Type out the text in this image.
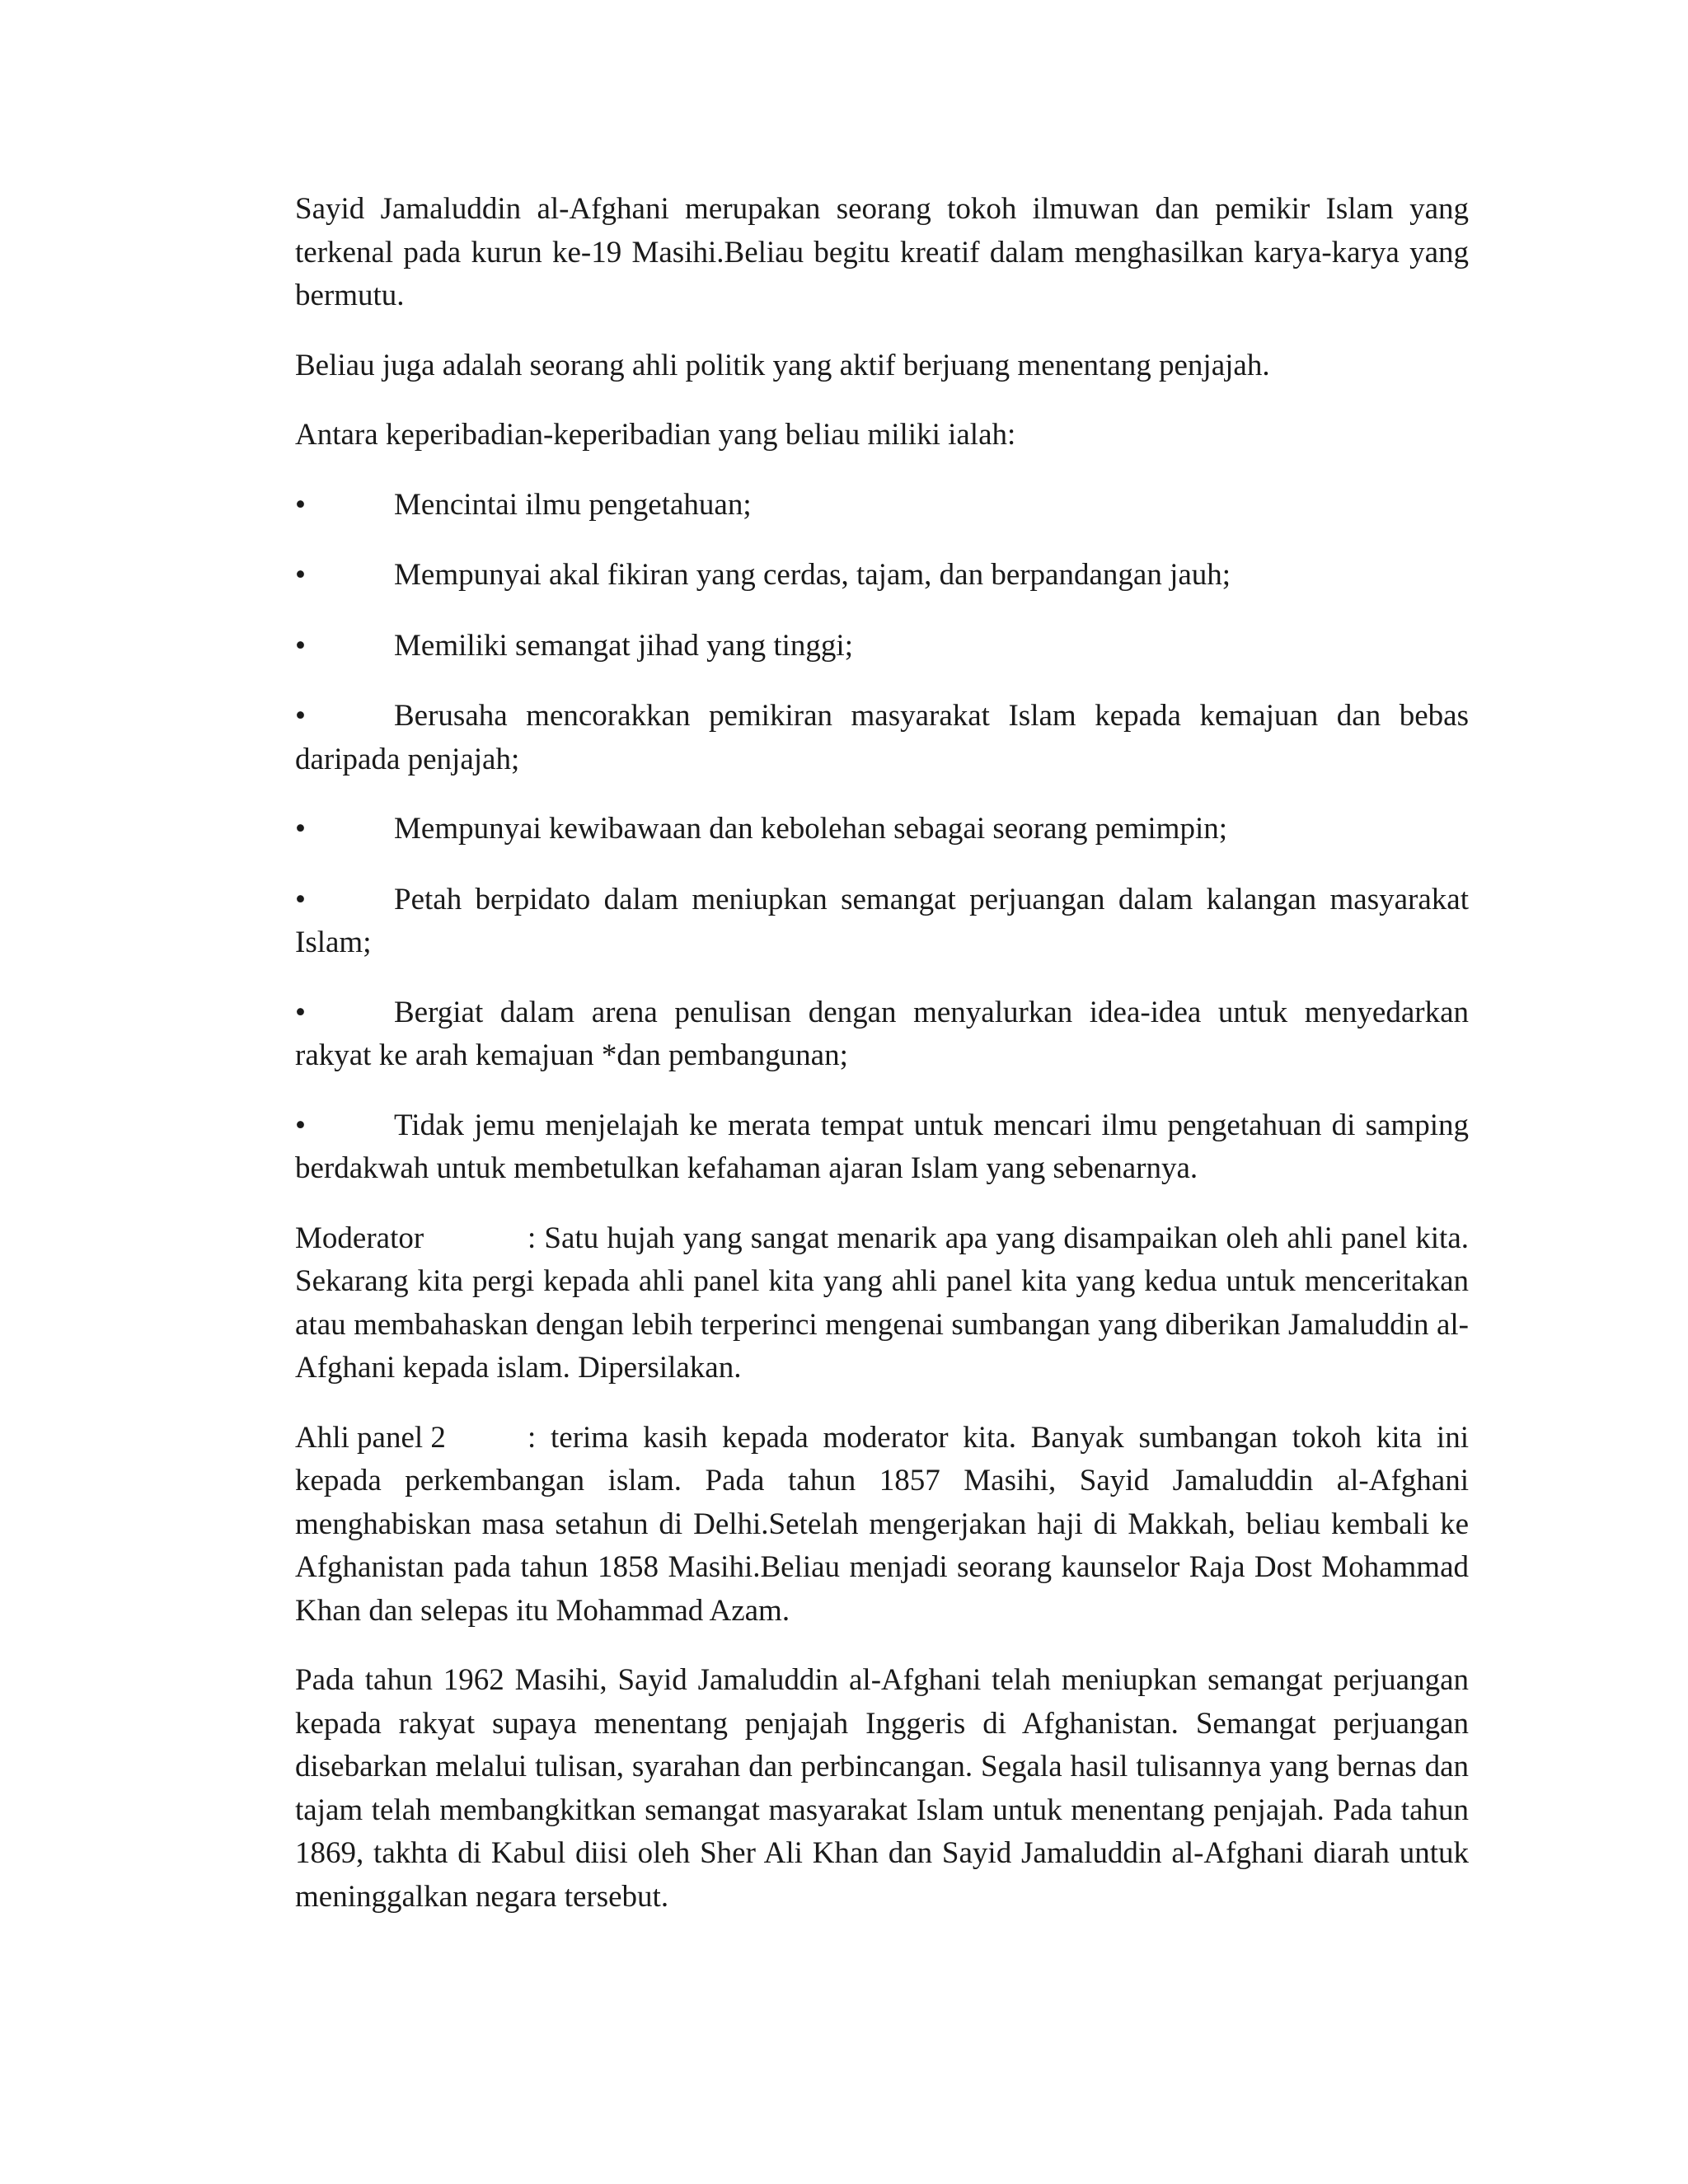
Sayid Jamaluddin al-Afghani merupakan seorang tokoh ilmuwan dan pemikir Islam yang terkenal pada kurun ke-19 Masihi.Beliau begitu kreatif dalam menghasilkan karya-karya yang bermutu.

Beliau juga adalah seorang ahli politik yang aktif berjuang menentang penjajah.

Antara keperibadian-keperibadian yang beliau miliki ialah:

•	Mencintai ilmu pengetahuan;
•	Mempunyai akal fikiran yang cerdas, tajam, dan berpandangan jauh;
•	Memiliki semangat jihad yang tinggi;
•	Berusaha mencorakkan pemikiran masyarakat Islam kepada kemajuan dan bebas daripada penjajah;
•	Mempunyai kewibawaan dan kebolehan sebagai seorang pemimpin;
•	Petah berpidato dalam meniupkan semangat perjuangan dalam kalangan masyarakat Islam;
•	Bergiat dalam arena penulisan dengan menyalurkan idea-idea untuk menyedarkan rakyat ke arah kemajuan *dan pembangunan;
•	Tidak jemu menjelajah ke merata tempat untuk mencari ilmu pengetahuan di samping berdakwah untuk membetulkan kefahaman ajaran Islam yang sebenarnya.

Moderator	: Satu hujah yang sangat menarik apa yang disampaikan oleh ahli panel kita. Sekarang kita pergi kepada ahli panel kita yang ahli panel kita yang kedua untuk menceritakan atau membahaskan dengan lebih terperinci mengenai sumbangan yang diberikan Jamaluddin al-Afghani kepada islam. Dipersilakan.

Ahli panel 2	: terima kasih kepada moderator kita. Banyak sumbangan tokoh kita ini kepada perkembangan islam. Pada tahun 1857 Masihi, Sayid Jamaluddin al-Afghani menghabiskan masa setahun di Delhi.Setelah mengerjakan haji di Makkah, beliau kembali ke Afghanistan pada tahun 1858 Masihi.Beliau menjadi seorang kaunselor Raja Dost Mohammad Khan dan selepas itu Mohammad Azam.

Pada tahun 1962 Masihi, Sayid Jamaluddin al-Afghani telah meniupkan semangat perjuangan kepada rakyat supaya menentang penjajah Inggeris di Afghanistan. Semangat perjuangan disebarkan melalui tulisan, syarahan dan perbincangan. Segala hasil tulisannya yang bernas dan tajam telah membangkitkan semangat masyarakat Islam untuk menentang penjajah. Pada tahun 1869, takhta di Kabul diisi oleh Sher Ali Khan dan Sayid Jamaluddin al-Afghani diarah untuk meninggalkan negara tersebut.
